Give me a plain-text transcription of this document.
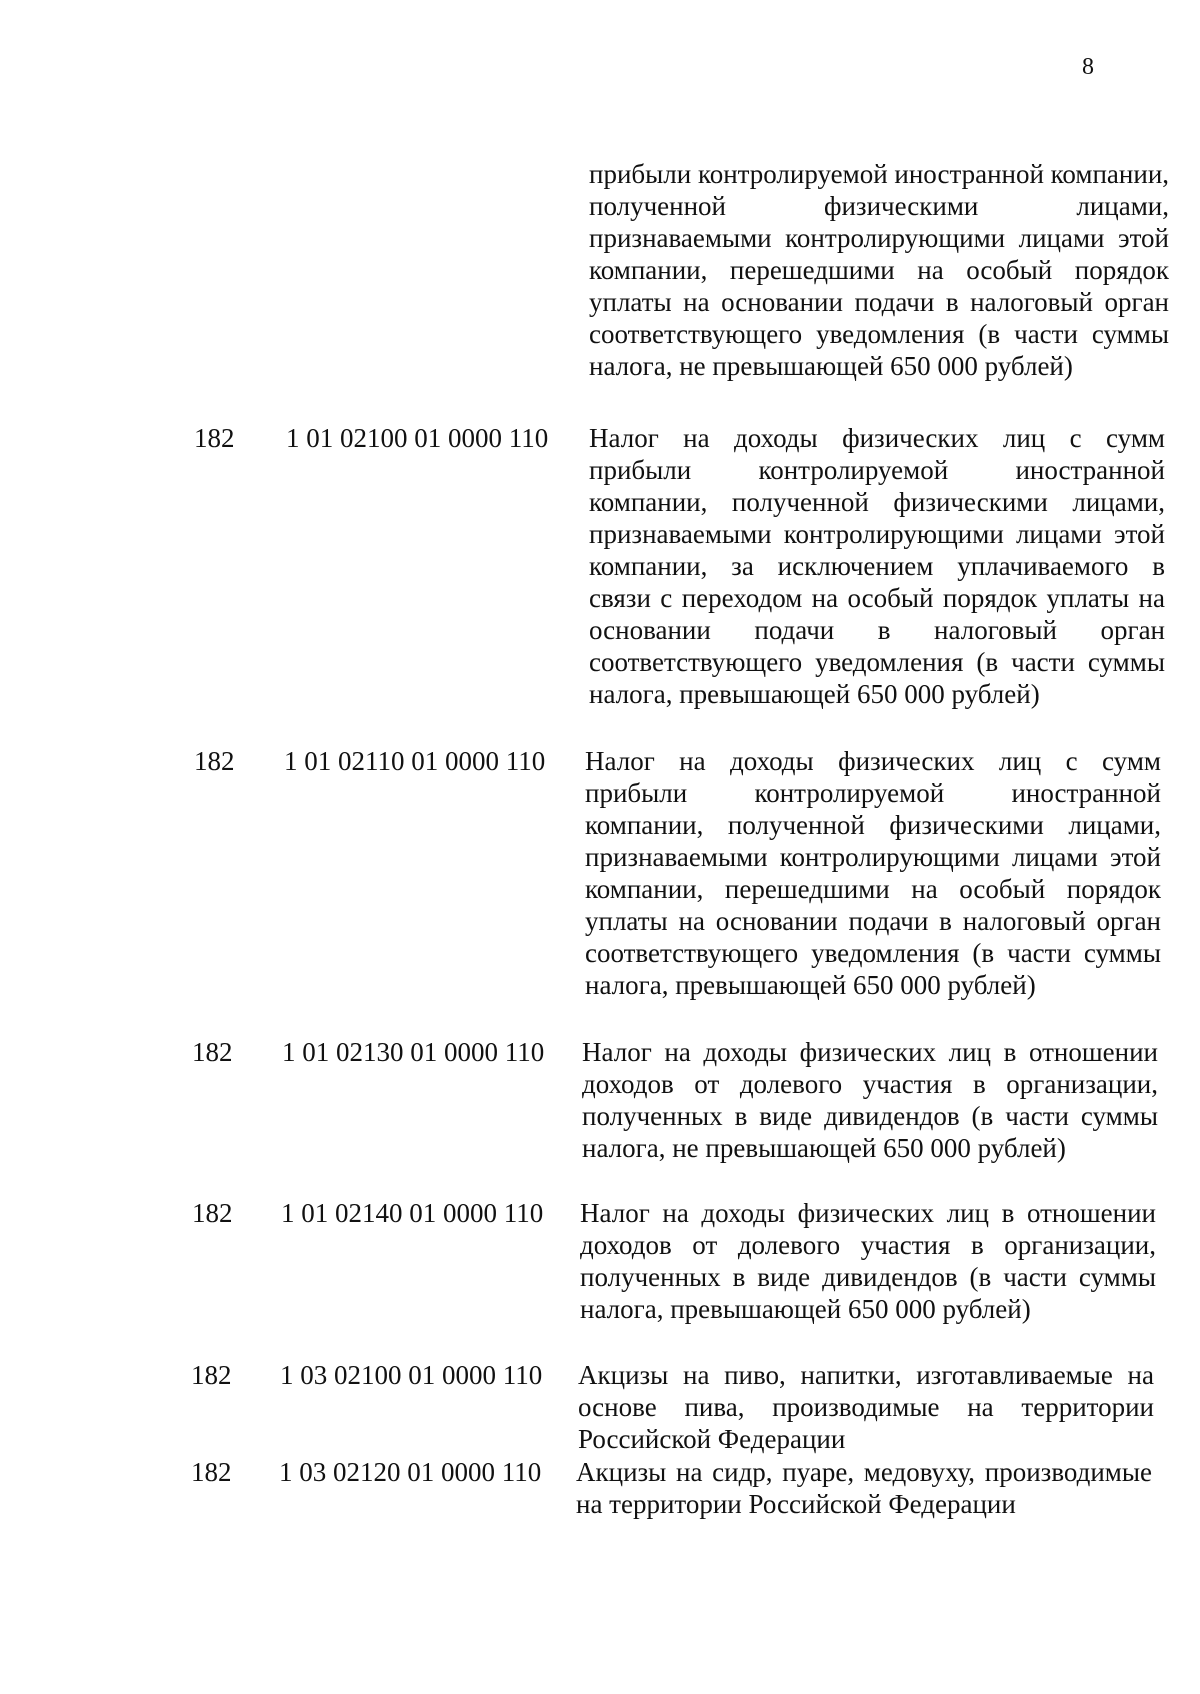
8
прибыли контролируемой иностранной компании, полученной физическими лицами, признаваемыми контролирующими лицами этой компании, перешедшими на особый порядок уплаты на основании подачи в налоговый орган соответствующего уведомления (в части суммы налога, не превышающей 650 000 рублей)
182	1 01 02100 01 0000 110	Налог на доходы физических лиц с сумм прибыли контролируемой иностранной компании, полученной физическими лицами, признаваемыми контролирующими лицами этой компании, за исключением уплачиваемого в связи с переходом на особый порядок уплаты на основании подачи в налоговый орган соответствующего уведомления (в части суммы налога, превышающей 650 000 рублей)
182	1 01 02110 01 0000 110	Налог на доходы физических лиц с сумм прибыли контролируемой иностранной компании, полученной физическими лицами, признаваемыми контролирующими лицами этой компании, перешедшими на особый порядок уплаты на основании подачи в налоговый орган соответствующего уведомления (в части суммы налога, превышающей 650 000 рублей)
182	1 01 02130 01 0000 110	Налог на доходы физических лиц в отношении доходов от долевого участия в организации, полученных в виде дивидендов (в части суммы налога, не превышающей 650 000 рублей)
182	1 01 02140 01 0000 110	Налог на доходы физических лиц в отношении доходов от долевого участия в организации, полученных в виде дивидендов (в части суммы налога, превышающей 650 000 рублей)
182	1 03 02100 01 0000 110	Акцизы на пиво, напитки, изготавливаемые на основе пива, производимые на территории Российской Федерации
182	1 03 02120 01 0000 110	Акцизы на сидр, пуаре, медовуху, производимые на территории Российской Федерации
